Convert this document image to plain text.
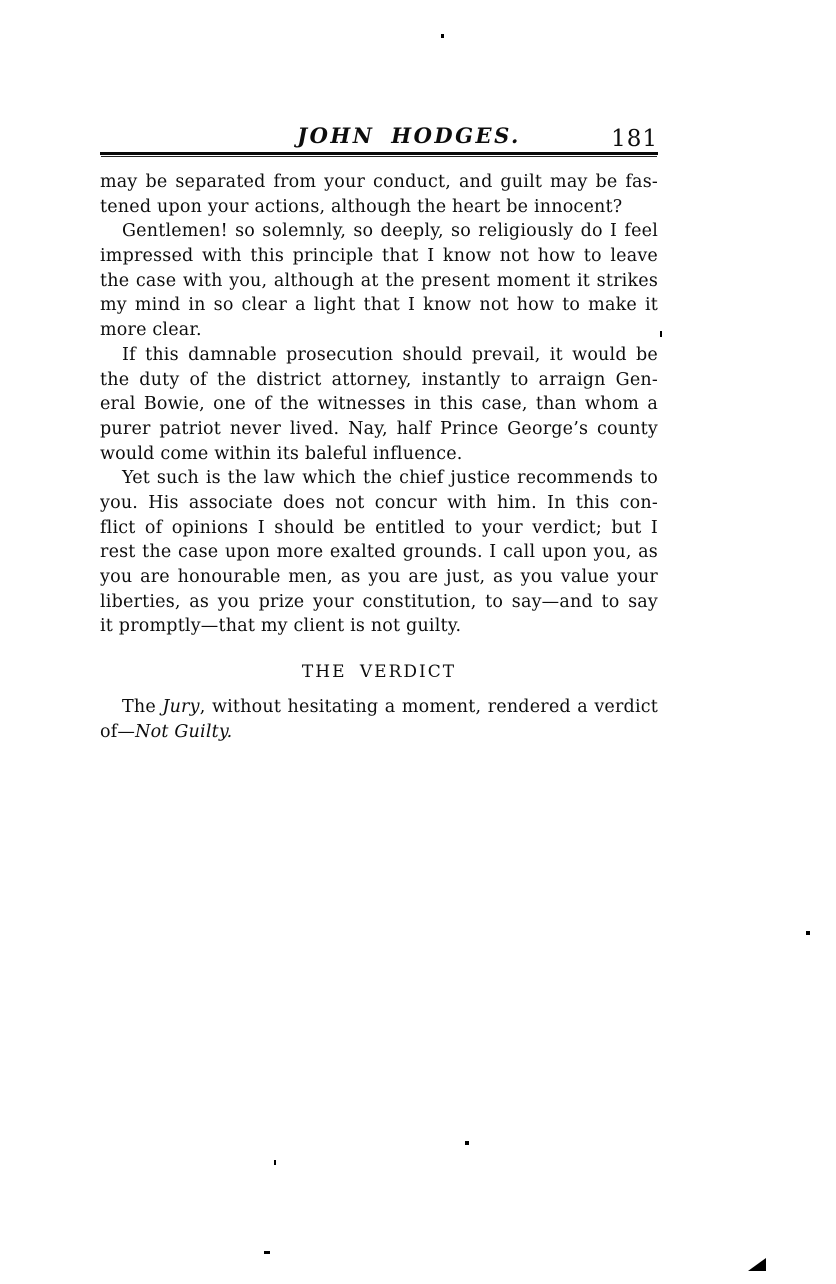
JOHN HODGES.	181
may be separated from your conduct, and guilt may be fas-
tened upon your actions, although the heart be innocent?
Gentlemen! so solemnly, so deeply, so religiously do I feel
impressed with this principle that I know not how to leave
the case with you, although at the present moment it strikes
my mind in so clear a light that I know not how to make it
more clear.
If this damnable prosecution should prevail, it would be
the duty of the district attorney, instantly to arraign Gen-
eral Bowie, one of the witnesses in this case, than whom a
purer patriot never lived. Nay, half Prince George’s county
would come within its baleful influence.
Yet such is the law which the chief justice recommends to
you. His associate does not concur with him. In this con-
flict of opinions I should be entitled to your verdict; but I
rest the case upon more exalted grounds. I call upon you, as
you are honourable men, as you are just, as you value your
liberties, as you prize your constitution, to say—and to say
it promptly—that my client is not guilty.
THE VERDICT
The Jury, without hesitating a moment, rendered a verdict
of—Not Guilty.
